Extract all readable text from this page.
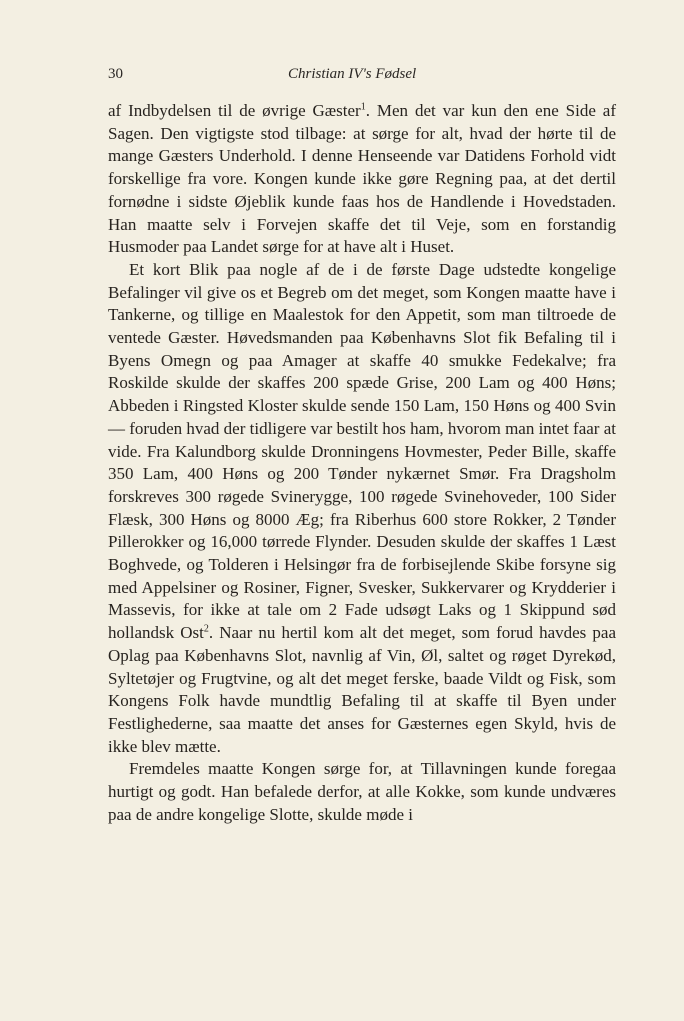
30	Christian IV's Fødsel

af Indbydelsen til de øvrige Gæster$^1$. Men det var kun den ene Side af Sagen. Den vigtigste stod tilbage: at sørge for alt, hvad der hørte til de mange Gæsters Underhold. I denne Henseende var Datidens Forhold vidt forskellige fra vore. Kongen kunde ikke gøre Regning paa, at det dertil fornødne i sidste Øjeblik kunde faas hos de Handlende i Hovedstaden. Han maatte selv i Forvejen skaffe det til Veje, som en forstandig Husmoder paa Landet sørge for at have alt i Huset.

Et kort Blik paa nogle af de i de første Dage udstedte kongelige Befalinger vil give os et Begreb om det meget, som Kongen maatte have i Tankerne, og tillige en Maalestok for den Appetit, som man tiltroede de ventede Gæster. Høvedsmanden paa Københavns Slot fik Befaling til i Byens Omegn og paa Amager at skaffe 40 smukke Fedekalve; fra Roskilde skulde der skaffes 200 spæde Grise, 200 Lam og 400 Høns; Abbeden i Ringsted Kloster skulde sende 150 Lam, 150 Høns og 400 Svin — foruden hvad der tidligere var bestilt hos ham, hvorom man intet faar at vide. Fra Kalundborg skulde Dronningens Hovmester, Peder Bille, skaffe 350 Lam, 400 Høns og 200 Tønder nykærnet Smør. Fra Dragsholm forskreves 300 røgede Svinerygge, 100 røgede Svinehoveder, 100 Sider Flæsk, 300 Høns og 8000 Æg; fra Riberhus 600 store Rokker, 2 Tønder Pillerokker og 16,000 tørrede Flynder. Desuden skulde der skaffes 1 Læst Boghvede, og Tolderen i Helsingør fra de forbisejlende Skibe forsyne sig med Appelsiner og Rosiner, Figner, Svesker, Sukkervarer og Krydderier i Massevis, for ikke at tale om 2 Fade udsøgt Laks og 1 Skippund sød hollandsk Ost$^2$. Naar nu hertil kom alt det meget, som forud havdes paa Oplag paa Københavns Slot, navnlig af Vin, Øl, saltet og røget Dyrekød, Syltetøjer og Frugtvine, og alt det meget ferske, baade Vildt og Fisk, som Kongens Folk havde mundtlig Befaling til at skaffe til Byen under Festlighederne, saa maatte det anses for Gæsternes egen Skyld, hvis de ikke blev mætte.

Fremdeles maatte Kongen sørge for, at Tillavningen kunde foregaa hurtigt og godt. Han befalede derfor, at alle Kokke, som kunde undværes paa de andre kongelige Slotte, skulde møde i
